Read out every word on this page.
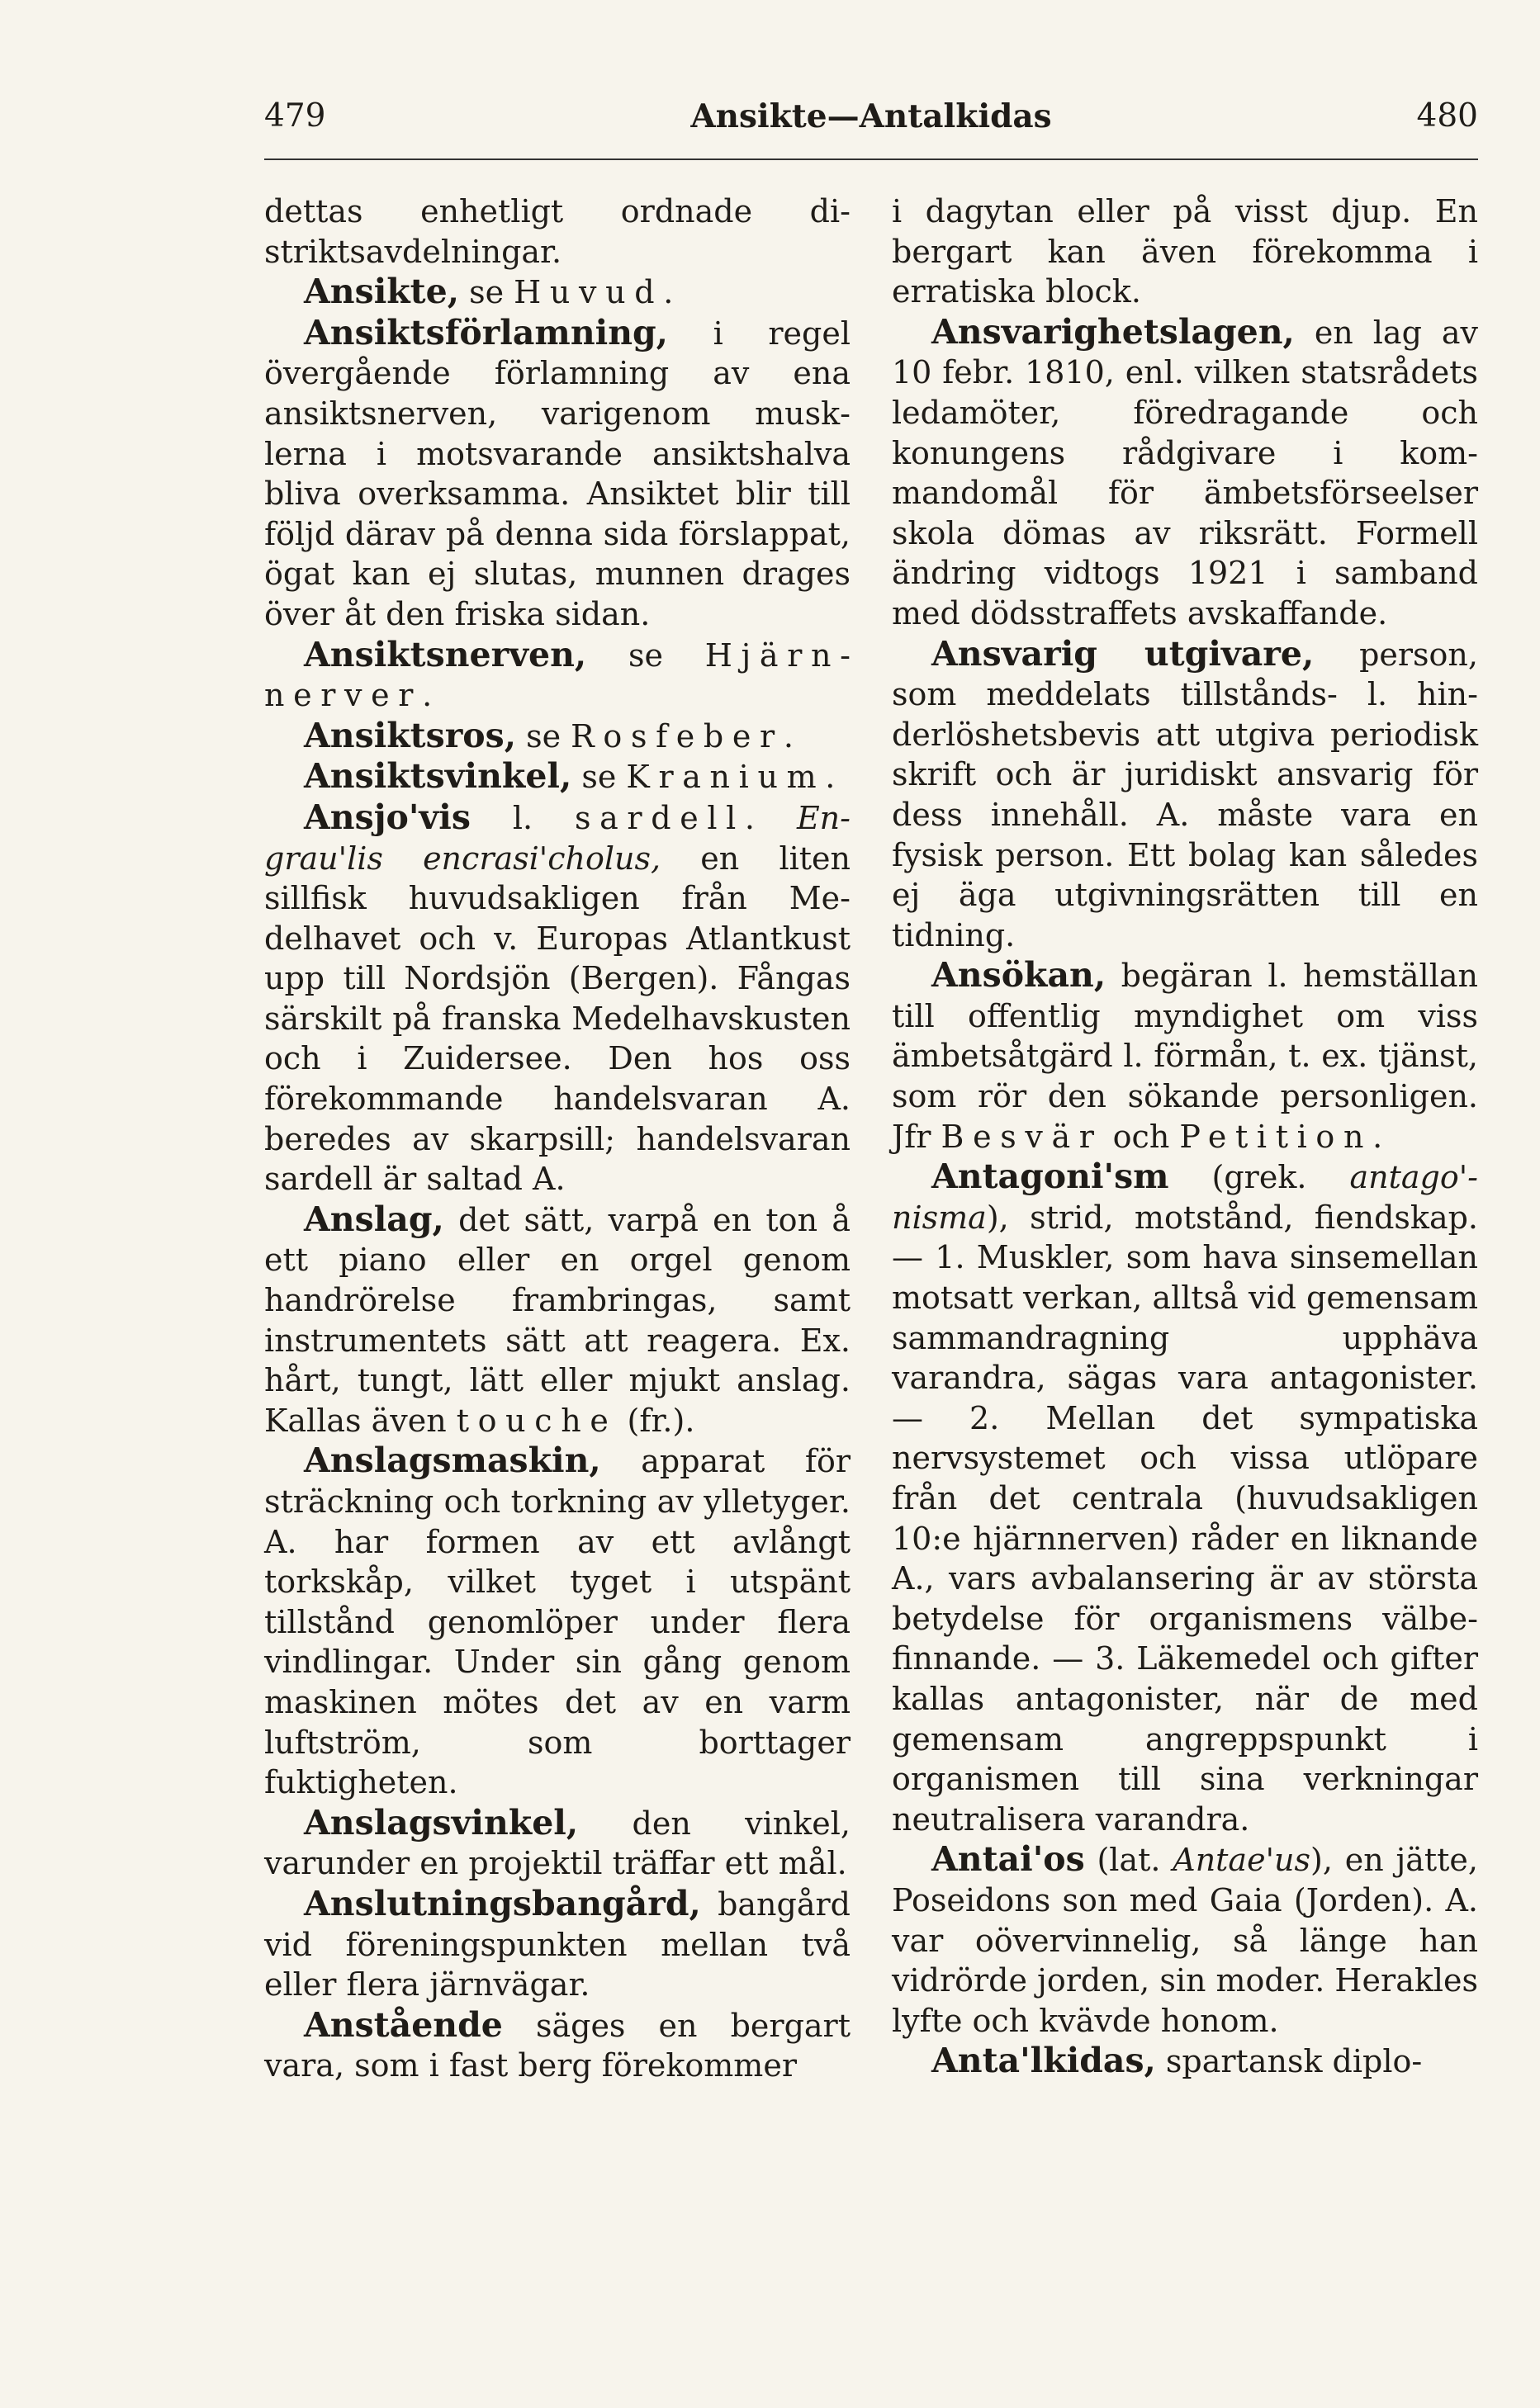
479	Ansikte—Antalkidas	480

dettas enhetligt ordnade distriktsavdelningar.

Ansikte, se Huvud.

Ansiktsförlamning, i regel övergående förlamning av ena ansiktsnerven, varigenom musklerna i motsvarande ansiktshalva bliva overksamma. Ansiktet blir till följd därav på denna sida förslappat, ögat kan ej slutas, munnen drages över åt den friska sidan.

Ansiktsnerven, se Hjärnnerver.

Ansiktsros, se Rosfeber.

Ansiktsvinkel, se Kranium.

Ansjo'vis l. sardell. Engrau'lis encrasi'cholus, en liten sillfisk huvudsakligen från Medelhavet och v. Europas Atlantkust upp till Nordsjön (Bergen). Fångas särskilt på franska Medelhavskusten och i Zuidersee. Den hos oss förekommande handelsvaran A. beredes av skarpsill; handelsvaran sardell är saltad A.

Anslag, det sätt, varpå en ton å ett piano eller en orgel genom handrörelse frambringas, samt instrumentets sätt att reagera. Ex. hårt, tungt, lätt eller mjukt anslag. Kallas även touche (fr.).

Anslagsmaskin, apparat för sträckning och torkning av ylletyger. A. har formen av ett avlångt torkskåp, vilket tyget i utspänt tillstånd genomlöper under flera vindlingar. Under sin gång genom maskinen mötes det av en varm luftström, som borttager fuktigheten.

Anslagsvinkel, den vinkel, varunder en projektil träffar ett mål.

Anslutningsbangård, bangård vid föreningspunkten mellan två eller flera järnvägar.

Anstående säges en bergart vara, som i fast berg förekommer

i dagytan eller på visst djup. En bergart kan även förekomma i erratiska block.

Ansvarighetslagen, en lag av 10 febr. 1810, enl. vilken statsrådets ledamöter, föredragande och konungens rådgivare i kommandomål för ämbetsförseelser skola dömas av riksrätt. Formell ändring vidtogs 1921 i samband med dödsstraffets avskaffande.

Ansvarig utgivare, person, som meddelats tillstånds- l. hinderlöshetsbevis att utgiva periodisk skrift och är juridiskt ansvarig för dess innehåll. A. måste vara en fysisk person. Ett bolag kan således ej äga utgivningsrätten till en tidning.

Ansökan, begäran l. hemställan till offentlig myndighet om viss ämbetsåtgärd l. förmån, t. ex. tjänst, som rör den sökande personligen. Jfr Besvär och Petition.

Antagoni'sm (grek. antago'nisma), strid, motstånd, fiendskap. — 1. Muskler, som hava sinsemellan motsatt verkan, alltså vid gemensam sammandragning upphäva varandra, sägas vara antagonister. — 2. Mellan det sympatiska nervsystemet och vissa utlöpare från det centrala (huvudsakligen 10:e hjärnnerven) råder en liknande A., vars avbalansering är av största betydelse för organismens välbefinnande. — 3. Läkemedel och gifter kallas antagonister, när de med gemensam angreppspunkt i organismen till sina verkningar neutralisera varandra.

Antai'os (lat. Antae'us), en jätte, Poseidons son med Gaia (Jorden). A. var oövervinnelig, så länge han vidrörde jorden, sin moder. Herakles lyfte och kvävde honom.

Anta'lkidas, spartansk diplo-
